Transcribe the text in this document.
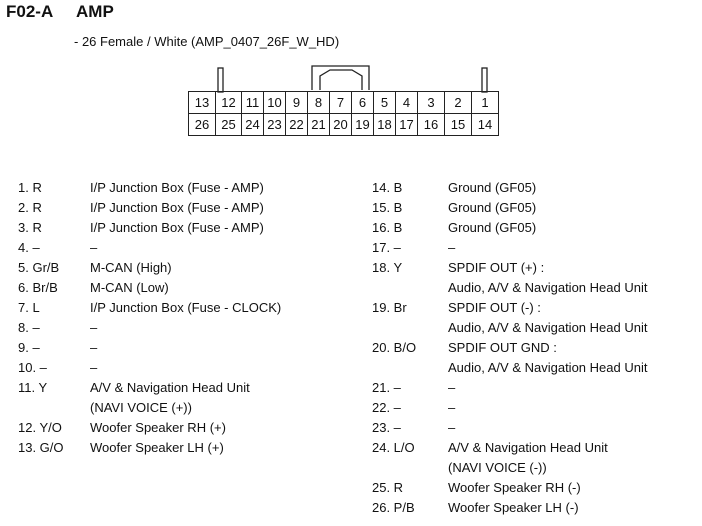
F02-A AMP
- 26 Female / White (AMP_0407_26F_W_HD)
13	12	11	10	9	8	7	6	5	4	3	2	1
26	25	24	23	22	21	20	19	18	17	16	15	14
1. R	I/P Junction Box (Fuse - AMP)
2. R	I/P Junction Box (Fuse - AMP)
3. R	I/P Junction Box (Fuse - AMP)
4. –	–
5. Gr/B	M-CAN (High)
6. Br/B	M-CAN (Low)
7. L	I/P Junction Box (Fuse - CLOCK)
8. –	–
9. –	–
10. –	–
11. Y	A/V & Navigation Head Unit
(NAVI VOICE (+))
12. Y/O	Woofer Speaker RH (+)
13. G/O	Woofer Speaker LH (+)
14. B	Ground (GF05)
15. B	Ground (GF05)
16. B	Ground (GF05)
17. –	–
18. Y	SPDIF OUT (+) :
Audio, A/V & Navigation Head Unit
19. Br	SPDIF OUT (-) :
Audio, A/V & Navigation Head Unit
20. B/O	SPDIF OUT GND :
Audio, A/V & Navigation Head Unit
21. –	–
22. –	–
23. –	–
24. L/O	A/V & Navigation Head Unit
(NAVI VOICE (-))
25. R	Woofer Speaker RH (-)
26. P/B	Woofer Speaker LH (-)
